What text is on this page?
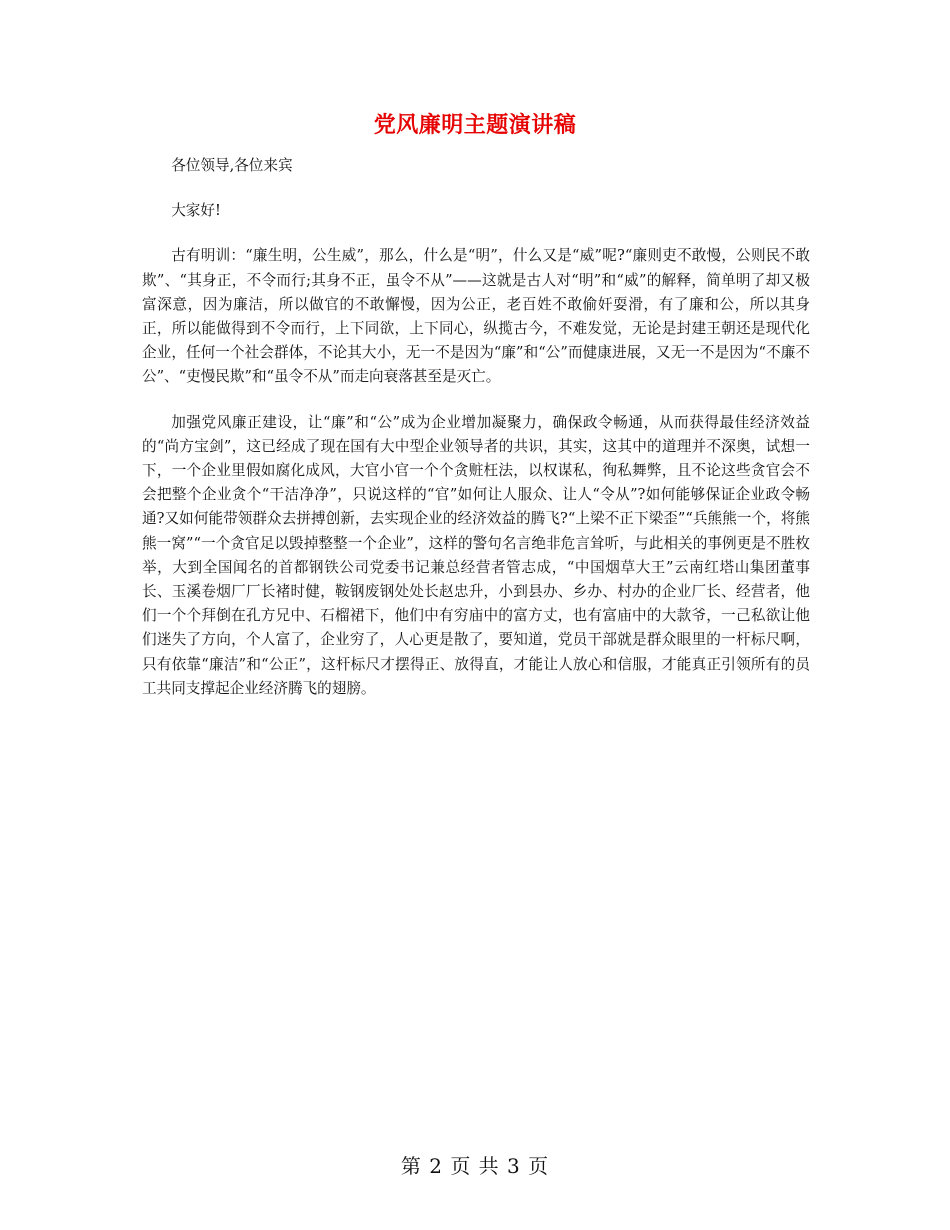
党风廉明主题演讲稿

各位领导,各位来宾

大家好!

古有明训：“廉生明，公生威”，那么，什么是“明”，什么又是“威”呢?“廉则吏不敢慢，公则民不敢欺”、“其身正，不令而行;其身不正，虽令不从”——这就是古人对“明”和“威”的解释，简单明了却又极富深意，因为廉洁，所以做官的不敢懈慢，因为公正，老百姓不敢偷奸耍滑，有了廉和公，所以其身正，所以能做得到不令而行，上下同欲，上下同心，纵揽古今，不难发觉，无论是封建王朝还是现代化企业，任何一个社会群体，不论其大小，无一不是因为“廉”和“公”而健康进展，又无一不是因为“不廉不公”、“吏慢民欺”和“虽令不从”而走向衰落甚至是灭亡。

加强党风廉正建设，让“廉”和“公”成为企业增加凝聚力，确保政令畅通，从而获得最佳经济效益的“尚方宝剑”，这已经成了现在国有大中型企业领导者的共识，其实，这其中的道理并不深奥，试想一下，一个企业里假如腐化成风，大官小官一个个贪赃枉法，以权谋私，徇私舞弊，且不论这些贪官会不会把整个企业贪个“干洁净净”，只说这样的“官”如何让人服众、让人“令从”?如何能够保证企业政令畅通?又如何能带领群众去拼搏创新，去实现企业的经济效益的腾飞?“上梁不正下梁歪”“兵熊熊一个，将熊熊一窝”“一个贪官足以毁掉整整一个企业”，这样的警句名言绝非危言耸听，与此相关的事例更是不胜枚举，大到全国闻名的首都钢铁公司党委书记兼总经营者管志成，“中国烟草大王”云南红塔山集团董事长、玉溪卷烟厂厂长褚时健，鞍钢废钢处处长赵忠升，小到县办、乡办、村办的企业厂长、经营者，他们一个个拜倒在孔方兄中、石榴裙下，他们中有穷庙中的富方丈，也有富庙中的大款爷，一己私欲让他们迷失了方向，个人富了，企业穷了，人心更是散了，要知道，党员干部就是群众眼里的一杆标尺啊，只有依靠“廉洁”和“公正”，这杆标尺才摆得正、放得直，才能让人放心和信服，才能真正引领所有的员工共同支撑起企业经济腾飞的翅膀。

第 2 页 共 3 页
